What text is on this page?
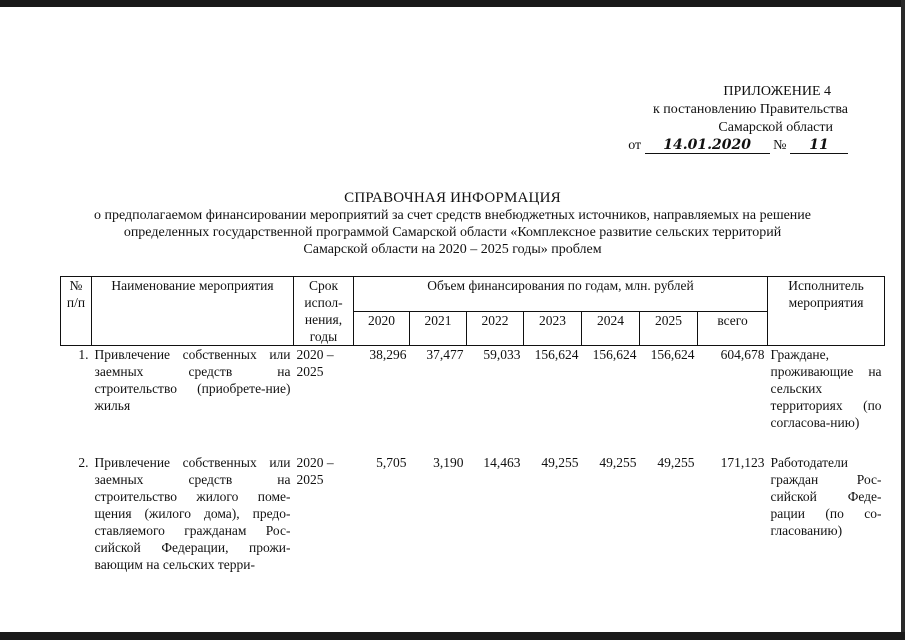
ПРИЛОЖЕНИЕ 4
к постановлению Правительства
Самарской области
от 14.01.2020 № 11
СПРАВОЧНАЯ ИНФОРМАЦИЯ
о предполагаемом финансировании мероприятий за счет средств внебюджетных источников, направляемых на решение
определенных государственной программой Самарской области «Комплексное развитие сельских территорий
Самарской области на 2020 – 2025 годы» проблем
№ п/п	Наименование мероприятия	Срок испол-	Объем финансирования по годам, млн. рублей							Исполнитель мероприятия
		нения, годы	2020	2021	2022	2023	2024	2025	всего	
1.	Привлечение собственных или заемных средств на строительство (приобрете-ние) жилья	2020 – 2025	38,296	37,477	59,033	156,624	156,624	156,624	604,678	Граждане, проживающие на сельских территориях (по согласова-нию)
2.	Привлечение собственных или заемных средств на строительство жилого поме-щения (жилого дома), предо-ставляемого гражданам Рос-сийской Федерации, прожи-вающим на сельских терри-	2020 – 2025	5,705	3,190	14,463	49,255	49,255	49,255	171,123	Работодатели граждан Рос-сийской Феде-рации (по со-гласованию)
